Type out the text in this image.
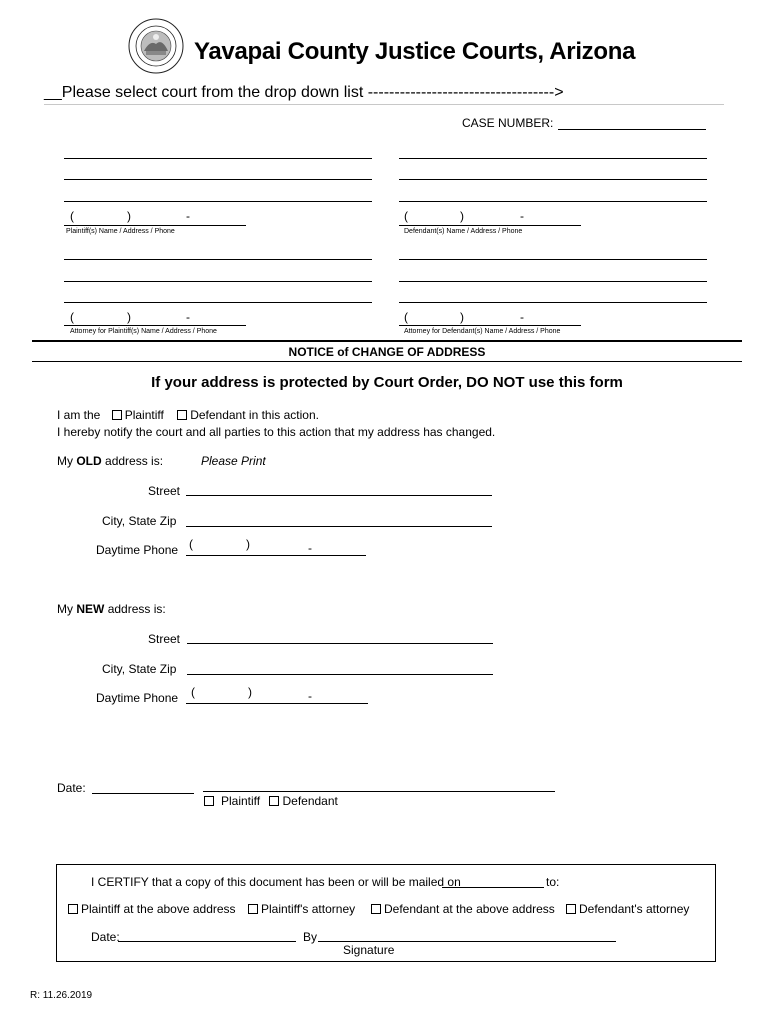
Yavapai County Justice Courts, Arizona
__Please select court from the drop down list ----------------------------------->
CASE NUMBER:
(	)	-
Plaintiff(s) Name / Address / Phone
(	)	-
Defendant(s) Name / Address / Phone
(	)	-
Attorney for Plaintiff(s) Name / Address / Phone
(	)	-
Attorney for Defendant(s) Name / Address / Phone
NOTICE of CHANGE OF ADDRESS
If your address is protected by Court Order, DO NOT use this form
I am the Plaintiff Defendant in this action.
I hereby notify the court and all parties to this action that my address has changed.
My OLD address is:	Please Print
Street
City, State Zip
Daytime Phone (	)	-
My NEW address is:
Street
City, State Zip
Daytime Phone (	)	-
Date:
Plaintiff Defendant
I CERTIFY that a copy of this document has been or will be mailed on	to:
Plaintiff at the above address	Plaintiff's attorney	Defendant at the above address	Defendant's attorney
Date:	By
Signature
R: 11.26.2019
